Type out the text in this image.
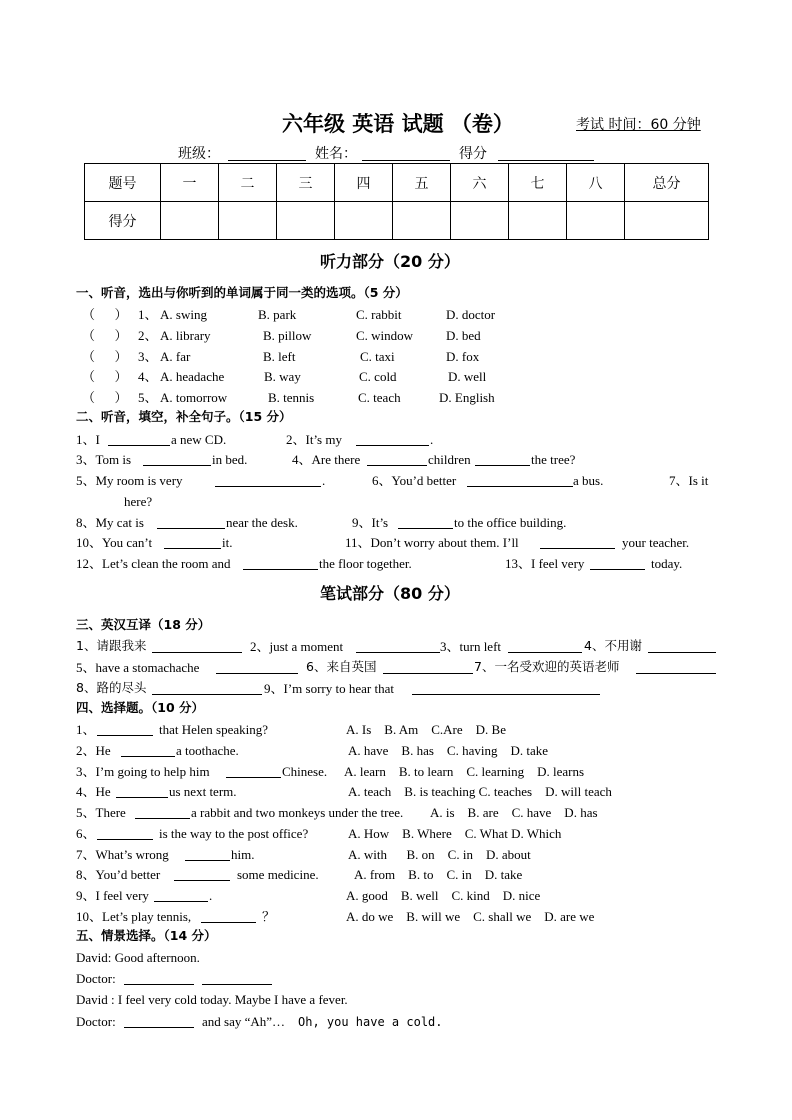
六年级 英语 试题 （卷）	考试 时间：60 分钟
班级：	姓名：	得分
题号	一	二	三	四	五	六	七	八	总分
得分									
听力部分（20 分）
一、听音，选出与你听到的单词属于同一类的选项。（5 分）
（      ） 1、 A. swing	B. park	C. rabbit	D. doctor
（      ） 2、 A. library	B. pillow	C. window	D. bed
（      ） 3、 A. far	B. left	C. taxi	D. fox
（      ） 4、 A. headache	B. way	C. cold	D. well
（      ） 5、 A. tomorrow	B. tennis	C. teach	D. English
二、听音，填空，补全句子。（15 分）
1、I	a new CD.	2、It’s my	.
3、Tom is	in bed.	4、Are there	children	the tree?
5、My room is very	.	6、You’d better	a bus.	7、Is it
here?
8、My cat is	near the desk.	9、It’s	to the office building.
10、You can’t	it.	11、Don’t worry about them. I’ll	your teacher.
12、Let’s clean the room and	the floor together.	13、I feel very	today.
笔试部分（80 分）
三、英汉互译（18 分）
1、请跟我来	2、just a moment	3、turn left	4、不用谢
5、have a stomachache	6、来自英国	7、一名受欢迎的英语老师
8、路的尽头	9、I’m sorry to hear that
四、选择题。（10 分）
1、	that Helen speaking?	A. Is    B. Am    C.Are    D. Be
2、He	a toothache.	A. have    B. has    C. having    D. take
3、I’m going to help him	Chinese. A. learn    B. to learn    C. learning    D. learns
4、He	us next term.	A. teach    B. is teaching C. teaches    D. will teach
5、There	a rabbit and two monkeys under the tree. A. is    B. are    C. have    D. has
6、	is the way to the post office?	A. How    B. Where    C. What D. Which
7、What’s wrong	him.	A. with      B. on    C. in    D. about
8、You’d better	some medicine.	A. from    B. to    C. in    D. take
9、I feel very	.	A. good    B. well    C. kind    D. nice
10、Let’s play tennis,	？	A. do we    B. will we    C. shall we    D. are we
五、情景选择。（14 分）
David: Good afternoon.
Doctor:
David : I feel very cold today. Maybe I have a fever.
Doctor:	and say “Ah”… Oh, you have a cold.
